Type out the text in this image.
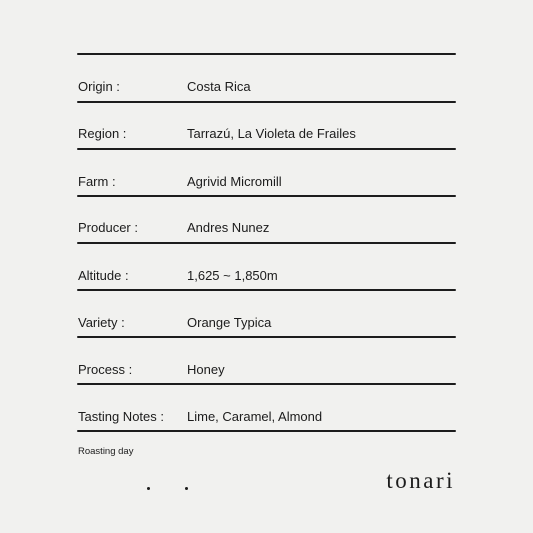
Origin :	Costa Rica
Region :	Tarrazú, La Violeta de Frailes
Farm :	Agrivid Micromill
Producer :	Andres Nunez
Altitude :	1,625 ~ 1,850m
Variety :	Orange Typica
Process :	Honey
Tasting Notes : Lime, Caramel, Almond
Roasting day
tonari
